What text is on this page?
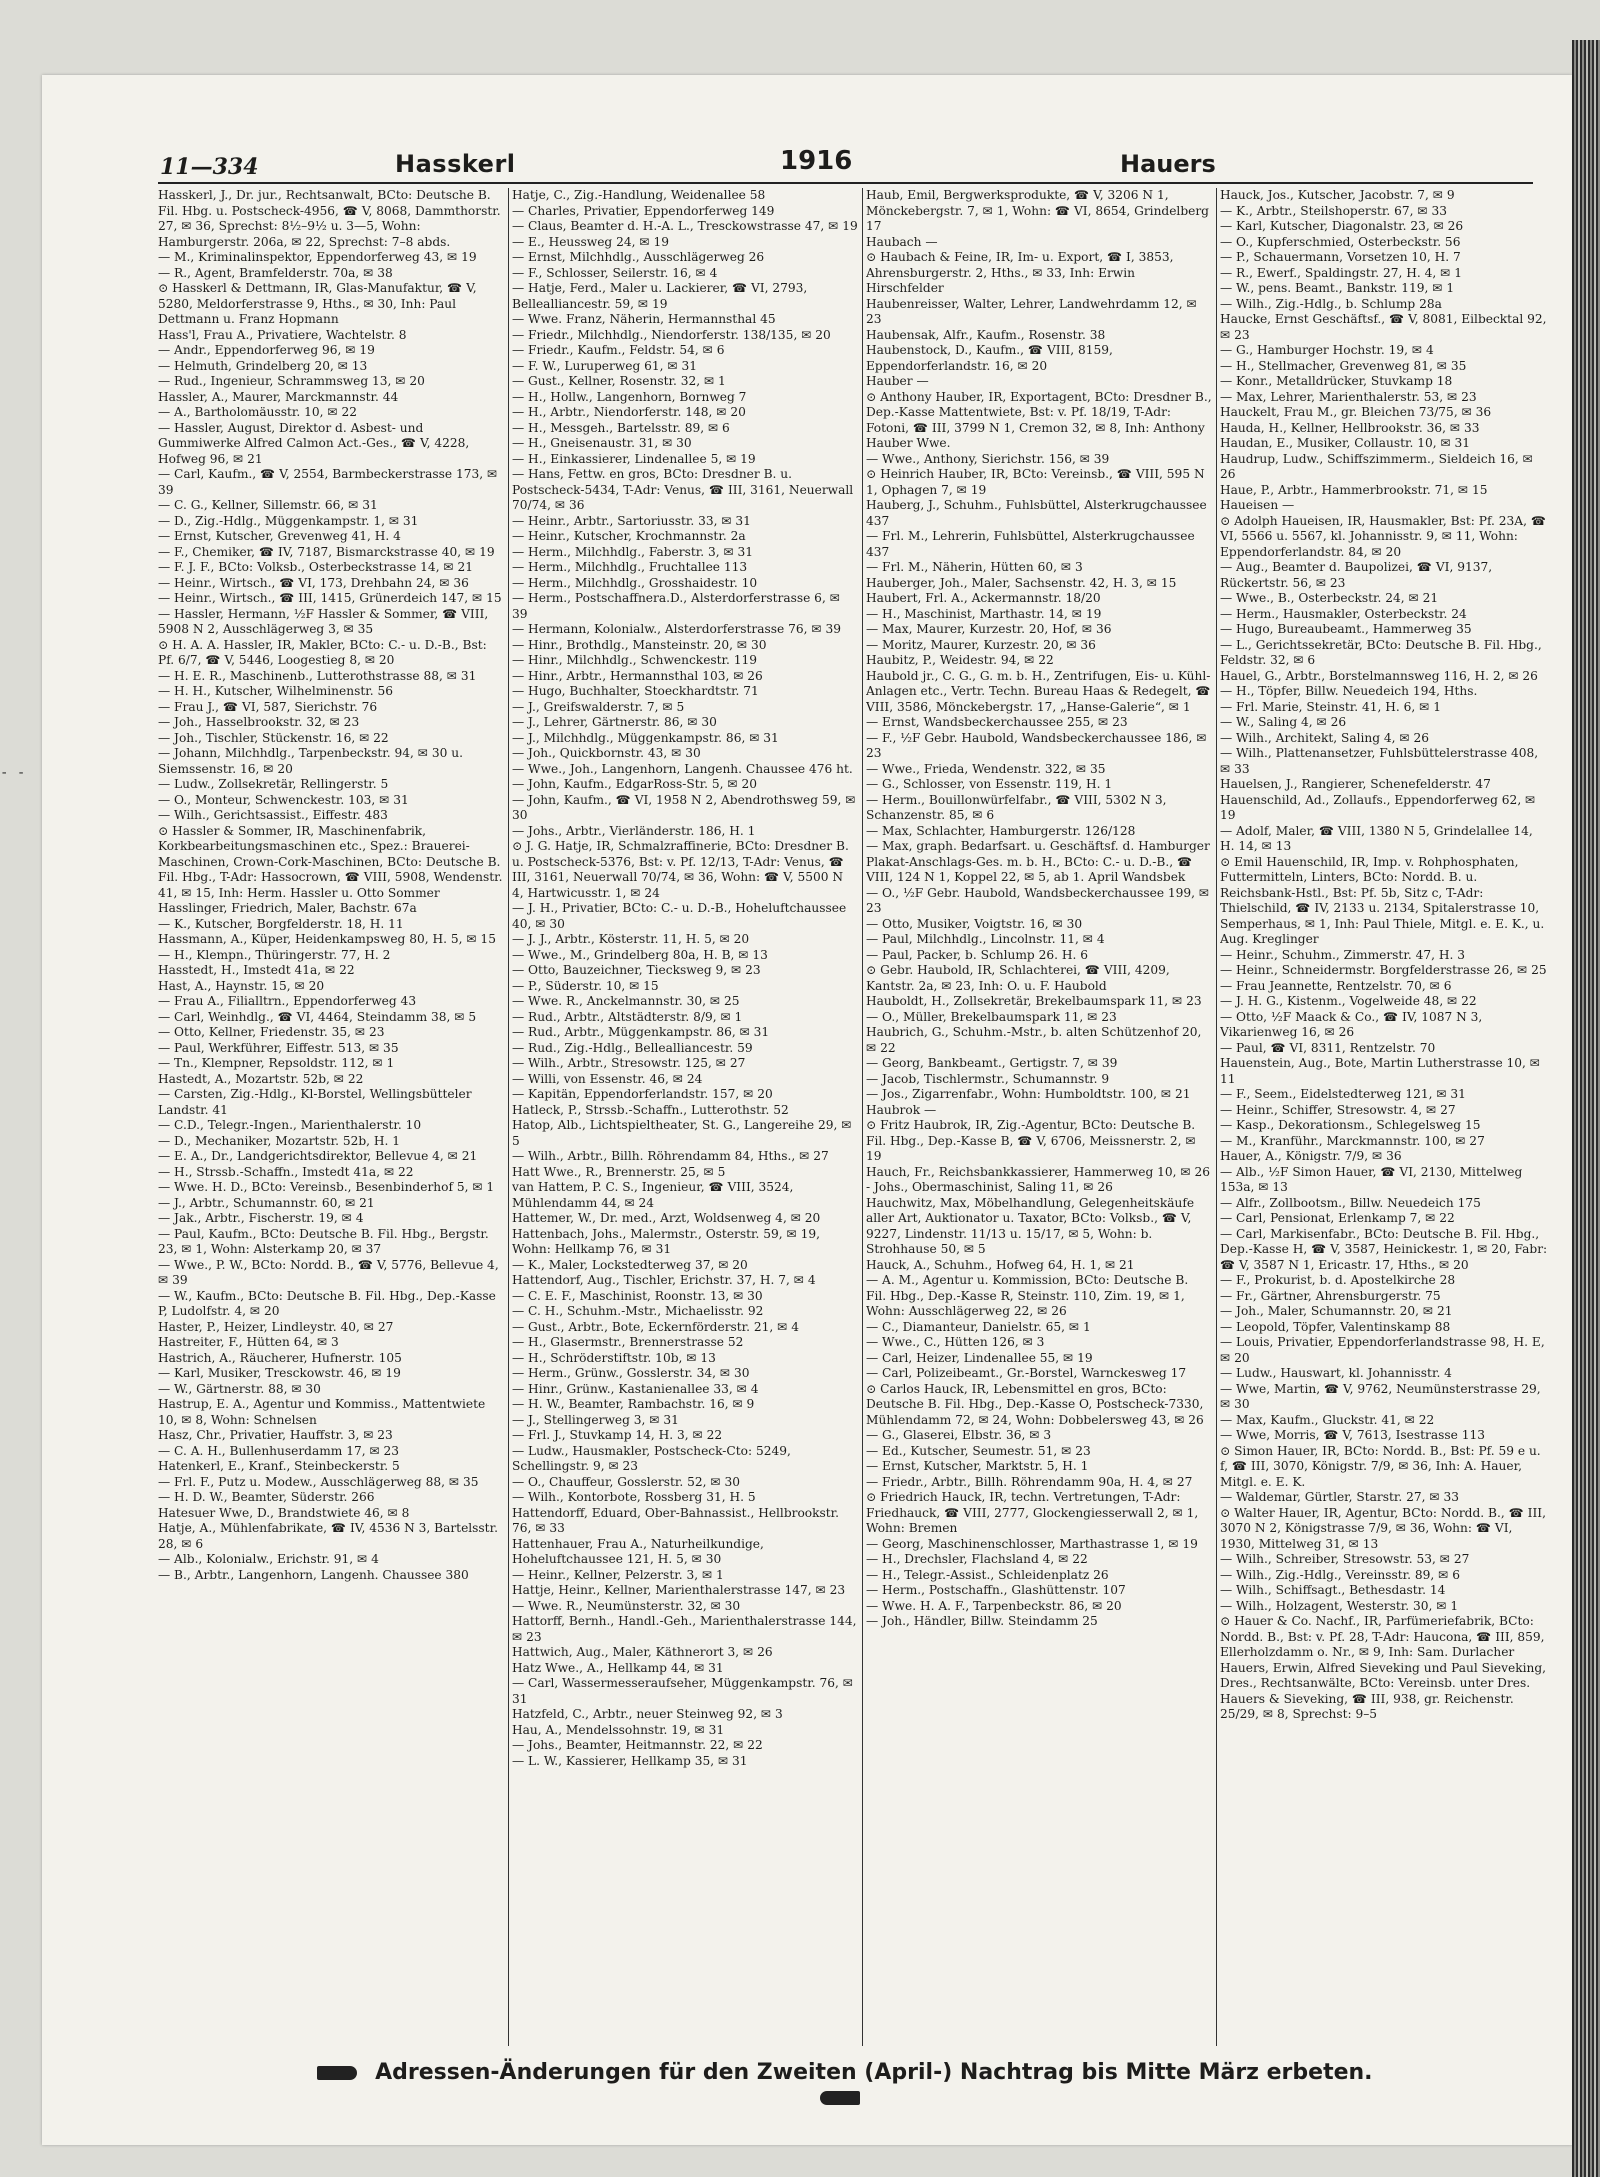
- -
11—334	Hasskerl	1916	Hauers

Hasskerl, J., Dr. jur., Rechtsanwalt, BCto: Deutsche B. Fil. Hbg. u. Postscheck-4956, ☎ V, 8068, Dammthorstr. 27, ✉ 36, Sprechst: 8½–9½ u. 3—5, Wohn: Hamburgerstr. 206a, ✉ 22, Sprechst: 7–8 abds.

— M., Kriminalinspektor, Eppendorferweg 43, ✉ 19

— R., Agent, Bramfelderstr. 70a, ✉ 38

⊙ Hasskerl & Dettmann, IR, Glas-Manufaktur, ☎ V, 5280, Meldorferstrasse 9, Hths., ✉ 30, Inh: Paul Dettmann u. Franz Hopmann

Hass'l, Frau A., Privatiere, Wachtelstr. 8

— Andr., Eppendorferweg 96, ✉ 19

— Helmuth, Grindelberg 20, ✉ 13

— Rud., Ingenieur, Schrammsweg 13, ✉ 20

Hassler, A., Maurer, Marckmannstr. 44

— A., Bartholomäusstr. 10, ✉ 22

— Hassler, August, Direktor d. Asbest- und Gummiwerke Alfred Calmon Act.-Ges., ☎ V, 4228, Hofweg 96, ✉ 21

— Carl, Kaufm., ☎ V, 2554, Barmbeckerstrasse 173, ✉ 39

— C. G., Kellner, Sillemstr. 66, ✉ 31

— D., Zig.-Hdlg., Müggenkampstr. 1, ✉ 31

— Ernst, Kutscher, Grevenweg 41, H. 4

— F., Chemiker, ☎ IV, 7187, Bismarckstrasse 40, ✉ 19

— F. J. F., BCto: Volksb., Osterbeckstrasse 14, ✉ 21

— Heinr., Wirtsch., ☎ VI, 173, Drehbahn 24, ✉ 36

— Heinr., Wirtsch., ☎ III, 1415, Grünerdeich 147, ✉ 15

— Hassler, Hermann, ½F Hassler & Sommer, ☎ VIII, 5908 N 2, Ausschlägerweg 3, ✉ 35

⊙ H. A. A. Hassler, IR, Makler, BCto: C.- u. D.-B., Bst: Pf. 6/7, ☎ V, 5446, Loogestieg 8, ✉ 20

— H. E. R., Maschinenb., Lutterothstrasse 88, ✉ 31

— H. H., Kutscher, Wilhelminenstr. 56

— Frau J., ☎ VI, 587, Sierichstr. 76

— Joh., Hasselbrookstr. 32, ✉ 23

— Joh., Tischler, Stückenstr. 16, ✉ 22

— Johann, Milchhdlg., Tarpenbeckstr. 94, ✉ 30 u. Siemssenstr. 16, ✉ 20

— Ludw., Zollsekretär, Rellingerstr. 5

— O., Monteur, Schwenckestr. 103, ✉ 31

— Wilh., Gerichtsassist., Eiffestr. 483

⊙ Hassler & Sommer, IR, Maschinenfabrik, Korkbearbeitungsmaschinen etc., Spez.: Brauerei-Maschinen, Crown-Cork-Maschinen, BCto: Deutsche B. Fil. Hbg., T-Adr: Hassocrown, ☎ VIII, 5908, Wendenstr. 41, ✉ 15, Inh: Herm. Hassler u. Otto Sommer

Hasslinger, Friedrich, Maler, Bachstr. 67a

— K., Kutscher, Borgfelderstr. 18, H. 11

Hassmann, A., Küper, Heidenkampsweg 80, H. 5, ✉ 15

— H., Klempn., Thüringerstr. 77, H. 2

Hasstedt, H., Imstedt 41a, ✉ 22

Hast, A., Haynstr. 15, ✉ 20

— Frau A., Filialltrn., Eppendorferweg 43

— Carl, Weinhdlg., ☎ VI, 4464, Steindamm 38, ✉ 5

— Otto, Kellner, Friedenstr. 35, ✉ 23

— Paul, Werkführer, Eiffestr. 513, ✉ 35

— Tn., Klempner, Repsoldstr. 112, ✉ 1

Hastedt, A., Mozartstr. 52b, ✉ 22

— Carsten, Zig.-Hdlg., Kl-Borstel, Wellingsbütteler Landstr. 41

— C.D., Telegr.-Ingen., Marienthalerstr. 10

— D., Mechaniker, Mozartstr. 52b, H. 1

— E. A., Dr., Landgerichtsdirektor, Bellevue 4, ✉ 21

— H., Strssb.-Schaffn., Imstedt 41a, ✉ 22

— Wwe. H. D., BCto: Vereinsb., Besenbinderhof 5, ✉ 1

— J., Arbtr., Schumannstr. 60, ✉ 21

— Jak., Arbtr., Fischerstr. 19, ✉ 4

— Paul, Kaufm., BCto: Deutsche B. Fil. Hbg., Bergstr. 23, ✉ 1, Wohn: Alsterkamp 20, ✉ 37

— Wwe., P. W., BCto: Nordd. B., ☎ V, 5776, Bellevue 4, ✉ 39

— W., Kaufm., BCto: Deutsche B. Fil. Hbg., Dep.-Kasse P, Ludolfstr. 4, ✉ 20

Haster, P., Heizer, Lindleystr. 40, ✉ 27

Hastreiter, F., Hütten 64, ✉ 3

Hastrich, A., Räucherer, Hufnerstr. 105

— Karl, Musiker, Tresckowstr. 46, ✉ 19

— W., Gärtnerstr. 88, ✉ 30

Hastrup, E. A., Agentur und Kommiss., Mattentwiete 10, ✉ 8, Wohn: Schnelsen

Hasz, Chr., Privatier, Hauffstr. 3, ✉ 23

— C. A. H., Bullenhuserdamm 17, ✉ 23

Hatenkerl, E., Kranf., Steinbeckerstr. 5

— Frl. F., Putz u. Modew., Ausschlägerweg 88, ✉ 35

— H. D. W., Beamter, Süderstr. 266

Hatesuer Wwe, D., Brandstwiete 46, ✉ 8

Hatje, A., Mühlenfabrikate, ☎ IV, 4536 N 3, Bartelsstr. 28, ✉ 6

— Alb., Kolonialw., Erichstr. 91, ✉ 4

— B., Arbtr., Langenhorn, Langenh. Chaussee 380

Hatje, C., Zig.-Handlung, Weidenallee 58

— Charles, Privatier, Eppendorferweg 149

— Claus, Beamter d. H.-A. L., Tresckowstrasse 47, ✉ 19

— E., Heussweg 24, ✉ 19

— Ernst, Milchhdlg., Ausschlägerweg 26

— F., Schlosser, Seilerstr. 16, ✉ 4

— Hatje, Ferd., Maler u. Lackierer, ☎ VI, 2793, Bellealliancestr. 59, ✉ 19

— Wwe. Franz, Näherin, Hermannsthal 45

— Friedr., Milchhdlg., Niendorferstr. 138/135, ✉ 20

— Friedr., Kaufm., Feldstr. 54, ✉ 6

— F. W., Luruperweg 61, ✉ 31

— Gust., Kellner, Rosenstr. 32, ✉ 1

— H., Hollw., Langenhorn, Bornweg 7

— H., Arbtr., Niendorferstr. 148, ✉ 20

— H., Messgeh., Bartelsstr. 89, ✉ 6

— H., Gneisenaustr. 31, ✉ 30

— H., Einkassierer, Lindenallee 5, ✉ 19

— Hans, Fettw. en gros, BCto: Dresdner B. u. Postscheck-5434, T-Adr: Venus, ☎ III, 3161, Neuerwall 70/74, ✉ 36

— Heinr., Arbtr., Sartoriusstr. 33, ✉ 31

— Heinr., Kutscher, Krochmannstr. 2a

— Herm., Milchhdlg., Faberstr. 3, ✉ 31

— Herm., Milchhdlg., Fruchtallee 113

— Herm., Milchhdlg., Grosshaidestr. 10

— Herm., Postschaffnera.D., Alsterdorferstrasse 6, ✉ 39

— Hermann, Kolonialw., Alsterdorferstrasse 76, ✉ 39

— Hinr., Brothdlg., Mansteinstr. 20, ✉ 30

— Hinr., Milchhdlg., Schwenckestr. 119

— Hinr., Arbtr., Hermannsthal 103, ✉ 26

— Hugo, Buchhalter, Stoeckhardtstr. 71

— J., Greifswalderstr. 7, ✉ 5

— J., Lehrer, Gärtnerstr. 86, ✉ 30

— J., Milchhdlg., Müggenkampstr. 86, ✉ 31

— Joh., Quickbornstr. 43, ✉ 30

— Wwe., Joh., Langenhorn, Langenh. Chaussee 476 ht.

— John, Kaufm., EdgarRoss-Str. 5, ✉ 20

— John, Kaufm., ☎ VI, 1958 N 2, Abendrothsweg 59, ✉ 30

— Johs., Arbtr., Vierländerstr. 186, H. 1

⊙ J. G. Hatje, IR, Schmalzraffinerie, BCto: Dresdner B. u. Postscheck-5376, Bst: v. Pf. 12/13, T-Adr: Venus, ☎ III, 3161, Neuerwall 70/74, ✉ 36, Wohn: ☎ V, 5500 N 4, Hartwicusstr. 1, ✉ 24

— J. H., Privatier, BCto: C.- u. D.-B., Hoheluftchaussee 40, ✉ 30

— J. J., Arbtr., Kösterstr. 11, H. 5, ✉ 20

— Wwe., M., Grindelberg 80a, H. B, ✉ 13

— Otto, Bauzeichner, Tiecksweg 9, ✉ 23

— P., Süderstr. 10, ✉ 15

— Wwe. R., Anckelmannstr. 30, ✉ 25

— Rud., Arbtr., Altstädterstr. 8/9, ✉ 1

— Rud., Arbtr., Müggenkampstr. 86, ✉ 31

— Rud., Zig.-Hdlg., Bellealliancestr. 59

— Wilh., Arbtr., Stresowstr. 125, ✉ 27

— Willi, von Essenstr. 46, ✉ 24

— Kapitän, Eppendorferlandstr. 157, ✉ 20

Hatleck, P., Strssb.-Schaffn., Lutterothstr. 52

Hatop, Alb., Lichtspieltheater, St. G., Langereihe 29, ✉ 5

— Wilh., Arbtr., Billh. Röhrendamm 84, Hths., ✉ 27

Hatt Wwe., R., Brennerstr. 25, ✉ 5

van Hattem, P. C. S., Ingenieur, ☎ VIII, 3524, Mühlendamm 44, ✉ 24

Hattemer, W., Dr. med., Arzt, Woldsenweg 4, ✉ 20

Hattenbach, Johs., Malermstr., Osterstr. 59, ✉ 19, Wohn: Hellkamp 76, ✉ 31

— K., Maler, Lockstedterweg 37, ✉ 20

Hattendorf, Aug., Tischler, Erichstr. 37, H. 7, ✉ 4

— C. E. F., Maschinist, Roonstr. 13, ✉ 30

— C. H., Schuhm.-Mstr., Michaelisstr. 92

— Gust., Arbtr., Bote, Eckernförderstr. 21, ✉ 4

— H., Glasermstr., Brennerstrasse 52

— H., Schröderstiftstr. 10b, ✉ 13

— Herm., Grünw., Gosslerstr. 34, ✉ 30

— Hinr., Grünw., Kastanienallee 33, ✉ 4

— H. W., Beamter, Rambachstr. 16, ✉ 9

— J., Stellingerweg 3, ✉ 31

— Frl. J., Stuvkamp 14, H. 3, ✉ 22

— Ludw., Hausmakler, Postscheck-Cto: 5249, Schellingstr. 9, ✉ 23

— O., Chauffeur, Gosslerstr. 52, ✉ 30

— Wilh., Kontorbote, Rossberg 31, H. 5

Hattendorff, Eduard, Ober-Bahnassist., Hellbrookstr. 76, ✉ 33

Hattenhauer, Frau A., Naturheilkundige, Hoheluftchaussee 121, H. 5, ✉ 30

— Heinr., Kellner, Pelzerstr. 3, ✉ 1

Hattje, Heinr., Kellner, Marienthalerstrasse 147, ✉ 23

— Wwe. R., Neumünsterstr. 32, ✉ 30

Hattorff, Bernh., Handl.-Geh., Marienthalerstrasse 144, ✉ 23

Hattwich, Aug., Maler, Käthnerort 3, ✉ 26

Hatz Wwe., A., Hellkamp 44, ✉ 31

— Carl, Wassermesseraufseher, Müggenkampstr. 76, ✉ 31

Hatzfeld, C., Arbtr., neuer Steinweg 92, ✉ 3

Hau, A., Mendelssohnstr. 19, ✉ 31

— Johs., Beamter, Heitmannstr. 22, ✉ 22

— L. W., Kassierer, Hellkamp 35, ✉ 31

Haub, Emil, Bergwerksprodukte, ☎ V, 3206 N 1, Mönckebergstr. 7, ✉ 1, Wohn: ☎ VI, 8654, Grindelberg 17

Haubach —

⊙ Haubach & Feine, IR, Im- u. Export, ☎ I, 3853, Ahrensburgerstr. 2, Hths., ✉ 33, Inh: Erwin Hirschfelder

Haubenreisser, Walter, Lehrer, Landwehrdamm 12, ✉ 23

Haubensak, Alfr., Kaufm., Rosenstr. 38

Haubenstock, D., Kaufm., ☎ VIII, 8159, Eppendorferlandstr. 16, ✉ 20

Hauber —

⊙ Anthony Hauber, IR, Exportagent, BCto: Dresdner B., Dep.-Kasse Mattentwiete, Bst: v. Pf. 18/19, T-Adr: Fotoni, ☎ III, 3799 N 1, Cremon 32, ✉ 8, Inh: Anthony Hauber Wwe.

— Wwe., Anthony, Sierichstr. 156, ✉ 39

⊙ Heinrich Hauber, IR, BCto: Vereinsb., ☎ VIII, 595 N 1, Ophagen 7, ✉ 19

Hauberg, J., Schuhm., Fuhlsbüttel, Alsterkrugchaussee 437

— Frl. M., Lehrerin, Fuhlsbüttel, Alsterkrugchaussee 437

— Frl. M., Näherin, Hütten 60, ✉ 3

Hauberger, Joh., Maler, Sachsenstr. 42, H. 3, ✉ 15

Haubert, Frl. A., Ackermannstr. 18/20

— H., Maschinist, Marthastr. 14, ✉ 19

— Max, Maurer, Kurzestr. 20, Hof, ✉ 36

— Moritz, Maurer, Kurzestr. 20, ✉ 36

Haubitz, P., Weidestr. 94, ✉ 22

Haubold jr., C. G., G. m. b. H., Zentrifugen, Eis- u. Kühl-Anlagen etc., Vertr. Techn. Bureau Haas & Redegelt, ☎ VIII, 3586, Mönckebergstr. 17, „Hanse-Galerie“, ✉ 1

— Ernst, Wandsbeckerchaussee 255, ✉ 23

— F., ½F Gebr. Haubold, Wandsbeckerchaussee 186, ✉ 23

— Wwe., Frieda, Wendenstr. 322, ✉ 35

— G., Schlosser, von Essenstr. 119, H. 1

— Herm., Bouillonwürfelfabr., ☎ VIII, 5302 N 3, Schanzenstr. 85, ✉ 6

— Max, Schlachter, Hamburgerstr. 126/128

— Max, graph. Bedarfsart. u. Geschäftsf. d. Hamburger Plakat-Anschlags-Ges. m. b. H., BCto: C.- u. D.-B., ☎ VIII, 124 N 1, Koppel 22, ✉ 5, ab 1. April Wandsbek

— O., ½F Gebr. Haubold, Wandsbeckerchaussee 199, ✉ 23

— Otto, Musiker, Voigtstr. 16, ✉ 30

— Paul, Milchhdlg., Lincolnstr. 11, ✉ 4

— Paul, Packer, b. Schlump 26. H. 6

⊙ Gebr. Haubold, IR, Schlachterei, ☎ VIII, 4209, Kantstr. 2a, ✉ 23, Inh: O. u. F. Haubold

Hauboldt, H., Zollsekretär, Brekelbaumspark 11, ✉ 23

— O., Müller, Brekelbaumspark 11, ✉ 23

Haubrich, G., Schuhm.-Mstr., b. alten Schützenhof 20, ✉ 22

— Georg, Bankbeamt., Gertigstr. 7, ✉ 39

— Jacob, Tischlermstr., Schumannstr. 9

— Jos., Zigarrenfabr., Wohn: Humboldtstr. 100, ✉ 21

Haubrok —

⊙ Fritz Haubrok, IR, Zig.-Agentur, BCto: Deutsche B. Fil. Hbg., Dep.-Kasse B, ☎ V, 6706, Meissnerstr. 2, ✉ 19

Hauch, Fr., Reichsbankkassierer, Hammerweg 10, ✉ 26

- Johs., Obermaschinist, Saling 11, ✉ 26

Hauchwitz, Max, Möbelhandlung, Gelegenheitskäufe aller Art, Auktionator u. Taxator, BCto: Volksb., ☎ V, 9227, Lindenstr. 11/13 u. 15/17, ✉ 5, Wohn: b. Strohhause 50, ✉ 5

Hauck, A., Schuhm., Hofweg 64, H. 1, ✉ 21

— A. M., Agentur u. Kommission, BCto: Deutsche B. Fil. Hbg., Dep.-Kasse R, Steinstr. 110, Zim. 19, ✉ 1, Wohn: Ausschlägerweg 22, ✉ 26

— C., Diamanteur, Danielstr. 65, ✉ 1

— Wwe., C., Hütten 126, ✉ 3

— Carl, Heizer, Lindenallee 55, ✉ 19

— Carl, Polizeibeamt., Gr.-Borstel, Warnckesweg 17

⊙ Carlos Hauck, IR, Lebensmittel en gros, BCto: Deutsche B. Fil. Hbg., Dep.-Kasse O, Postscheck-7330, Mühlendamm 72, ✉ 24, Wohn: Dobbelersweg 43, ✉ 26

— G., Glaserei, Elbstr. 36, ✉ 3

— Ed., Kutscher, Seumestr. 51, ✉ 23

— Ernst, Kutscher, Marktstr. 5, H. 1

— Friedr., Arbtr., Billh. Röhrendamm 90a, H. 4, ✉ 27

⊙ Friedrich Hauck, IR, techn. Vertretungen, T-Adr: Friedhauck, ☎ VIII, 2777, Glockengiesserwall 2, ✉ 1, Wohn: Bremen

— Georg, Maschinenschlosser, Marthastrasse 1, ✉ 19

— H., Drechsler, Flachsland 4, ✉ 22

— H., Telegr.-Assist., Schleidenplatz 26

— Herm., Postschaffn., Glashüttenstr. 107

— Wwe. H. A. F., Tarpenbeckstr. 86, ✉ 20

— Joh., Händler, Billw. Steindamm 25

Hauck, Jos., Kutscher, Jacobstr. 7, ✉ 9

— K., Arbtr., Steilshoperstr. 67, ✉ 33

— Karl, Kutscher, Diagonalstr. 23, ✉ 26

— O., Kupferschmied, Osterbeckstr. 56

— P., Schauermann, Vorsetzen 10, H. 7

— R., Ewerf., Spaldingstr. 27, H. 4, ✉ 1

— W., pens. Beamt., Bankstr. 119, ✉ 1

— Wilh., Zig.-Hdlg., b. Schlump 28a

Haucke, Ernst Geschäftsf., ☎ V, 8081, Eilbecktal 92, ✉ 23

— G., Hamburger Hochstr. 19, ✉ 4

— H., Stellmacher, Grevenweg 81, ✉ 35

— Konr., Metalldrücker, Stuvkamp 18

— Max, Lehrer, Marienthalerstr. 53, ✉ 23

Hauckelt, Frau M., gr. Bleichen 73/75, ✉ 36

Hauda, H., Kellner, Hellbrookstr. 36, ✉ 33

Haudan, E., Musiker, Collaustr. 10, ✉ 31

Haudrup, Ludw., Schiffszimmerm., Sieldeich 16, ✉ 26

Haue, P., Arbtr., Hammerbrookstr. 71, ✉ 15

Haueisen —

⊙ Adolph Haueisen, IR, Hausmakler, Bst: Pf. 23A, ☎ VI, 5566 u. 5567, kl. Johannisstr. 9, ✉ 11, Wohn: Eppendorferlandstr. 84, ✉ 20

— Aug., Beamter d. Baupolizei, ☎ VI, 9137, Rückertstr. 56, ✉ 23

— Wwe., B., Osterbeckstr. 24, ✉ 21

— Herm., Hausmakler, Osterbeckstr. 24

— Hugo, Bureaubeamt., Hammerweg 35

— L., Gerichtssekretär, BCto: Deutsche B. Fil. Hbg., Feldstr. 32, ✉ 6

Hauel, G., Arbtr., Borstelmannsweg 116, H. 2, ✉ 26

— H., Töpfer, Billw. Neuedeich 194, Hths.

— Frl. Marie, Steinstr. 41, H. 6, ✉ 1

— W., Saling 4, ✉ 26

— Wilh., Architekt, Saling 4, ✉ 26

— Wilh., Plattenansetzer, Fuhlsbüttelerstrasse 408, ✉ 33

Hauelsen, J., Rangierer, Schenefelderstr. 47

Hauenschild, Ad., Zollaufs., Eppendorferweg 62, ✉ 19

— Adolf, Maler, ☎ VIII, 1380 N 5, Grindelallee 14, H. 14, ✉ 13

⊙ Emil Hauenschild, IR, Imp. v. Rohphosphaten, Futtermitteln, Linters, BCto: Nordd. B. u. Reichsbank-Hstl., Bst: Pf. 5b, Sitz c, T-Adr: Thielschild, ☎ IV, 2133 u. 2134, Spitalerstrasse 10, Semperhaus, ✉ 1, Inh: Paul Thiele, Mitgl. e. E. K., u. Aug. Kreglinger

— Heinr., Schuhm., Zimmerstr. 47, H. 3

— Heinr., Schneidermstr. Borgfelderstrasse 26, ✉ 25

— Frau Jeannette, Rentzelstr. 70, ✉ 6

— J. H. G., Kistenm., Vogelweide 48, ✉ 22

— Otto, ½F Maack & Co., ☎ IV, 1087 N 3, Vikarienweg 16, ✉ 26

— Paul, ☎ VI, 8311, Rentzelstr. 70

Hauenstein, Aug., Bote, Martin Lutherstrasse 10, ✉ 11

— F., Seem., Eidelstedterweg 121, ✉ 31

— Heinr., Schiffer, Stresowstr. 4, ✉ 27

— Kasp., Dekorationsm., Schlegelsweg 15

— M., Kranführ., Marckmannstr. 100, ✉ 27

Hauer, A., Königstr. 7/9, ✉ 36

— Alb., ½F Simon Hauer, ☎ VI, 2130, Mittelweg 153a, ✉ 13

— Alfr., Zollbootsm., Billw. Neuedeich 175

— Carl, Pensionat, Erlenkamp 7, ✉ 22

— Carl, Markisenfabr., BCto: Deutsche B. Fil. Hbg., Dep.-Kasse H, ☎ V, 3587, Heinickestr. 1, ✉ 20, Fabr: ☎ V, 3587 N 1, Ericastr. 17, Hths., ✉ 20

— F., Prokurist, b. d. Apostelkirche 28

— Fr., Gärtner, Ahrensburgerstr. 75

— Joh., Maler, Schumannstr. 20, ✉ 21

— Leopold, Töpfer, Valentinskamp 88

— Louis, Privatier, Eppendorferlandstrasse 98, H. E, ✉ 20

— Ludw., Hauswart, kl. Johannisstr. 4

— Wwe, Martin, ☎ V, 9762, Neumünsterstrasse 29, ✉ 30

— Max, Kaufm., Gluckstr. 41, ✉ 22

— Wwe, Morris, ☎ V, 7613, Isestrasse 113

⊙ Simon Hauer, IR, BCto: Nordd. B., Bst: Pf. 59 e u. f, ☎ III, 3070, Königstr. 7/9, ✉ 36, Inh: A. Hauer, Mitgl. e. E. K.

— Waldemar, Gürtler, Starstr. 27, ✉ 33

⊙ Walter Hauer, IR, Agentur, BCto: Nordd. B., ☎ III, 3070 N 2, Königstrasse 7/9, ✉ 36, Wohn: ☎ VI, 1930, Mittelweg 31, ✉ 13

— Wilh., Schreiber, Stresowstr. 53, ✉ 27

— Wilh., Zig.-Hdlg., Vereinsstr. 89, ✉ 6

— Wilh., Schiffsagt., Bethesdastr. 14

— Wilh., Holzagent, Westerstr. 30, ✉ 1

⊙ Hauer & Co. Nachf., IR, Parfümeriefabrik, BCto: Nordd. B., Bst: v. Pf. 28, T-Adr: Haucona, ☎ III, 859, Ellerholzdamm o. Nr., ✉ 9, Inh: Sam. Durlacher

Hauers, Erwin, Alfred Sieveking und Paul Sieveking, Dres., Rechtsanwälte, BCto: Vereinsb. unter Dres. Hauers & Sieveking, ☎ III, 938, gr. Reichenstr. 25/29, ✉ 8, Sprechst: 9–5

Adressen-Änderungen für den Zweiten (April-) Nachtrag bis Mitte März erbeten.
